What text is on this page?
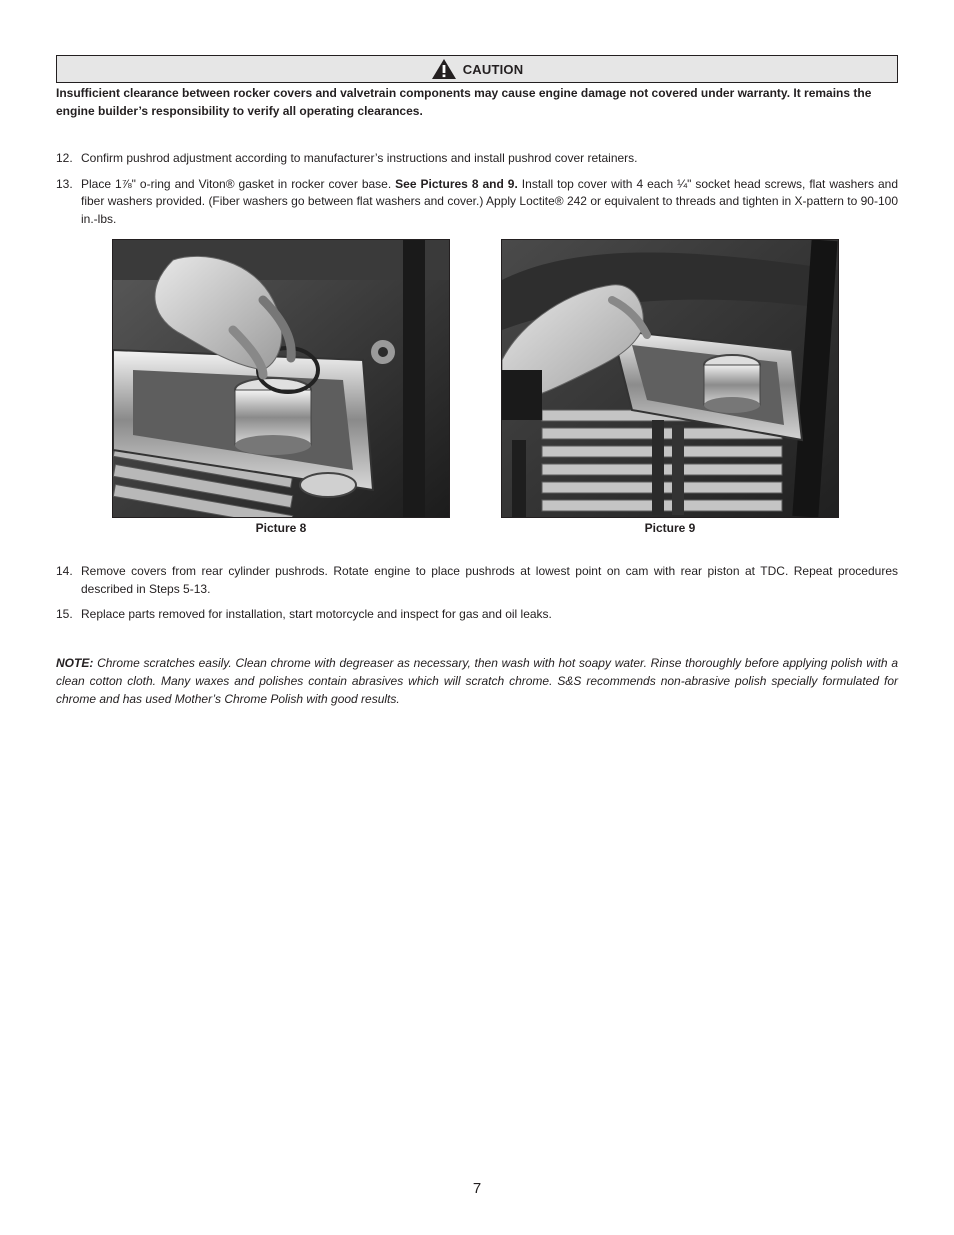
CAUTION
Insufficient clearance between rocker covers and valvetrain components may cause engine damage not covered under warranty. It remains the engine builder’s responsibility to verify all operating clearances.
12. Confirm pushrod adjustment according to manufacturer’s instructions and install pushrod cover retainers.
13. Place 1⅞" o-ring and Viton® gasket in rocker cover base. See Pictures 8 and 9. Install top cover with 4 each ¼" socket head screws, flat washers and fiber washers provided. (Fiber washers go between flat washers and cover.) Apply Loctite® 242 or equivalent to threads and tighten in X-pattern to 90-100 in.-lbs.
Picture 8	Picture 9
14. Remove covers from rear cylinder pushrods. Rotate engine to place pushrods at lowest point on cam with rear piston at TDC. Repeat procedures described in Steps 5-13.
15. Replace parts removed for installation, start motorcycle and inspect for gas and oil leaks.
NOTE: Chrome scratches easily. Clean chrome with degreaser as necessary, then wash with hot soapy water. Rinse thoroughly before applying polish with a clean cotton cloth. Many waxes and polishes contain abrasives which will scratch chrome. S&S recommends non-abrasive polish specially formulated for chrome and has used Mother’s Chrome Polish with good results.
7
